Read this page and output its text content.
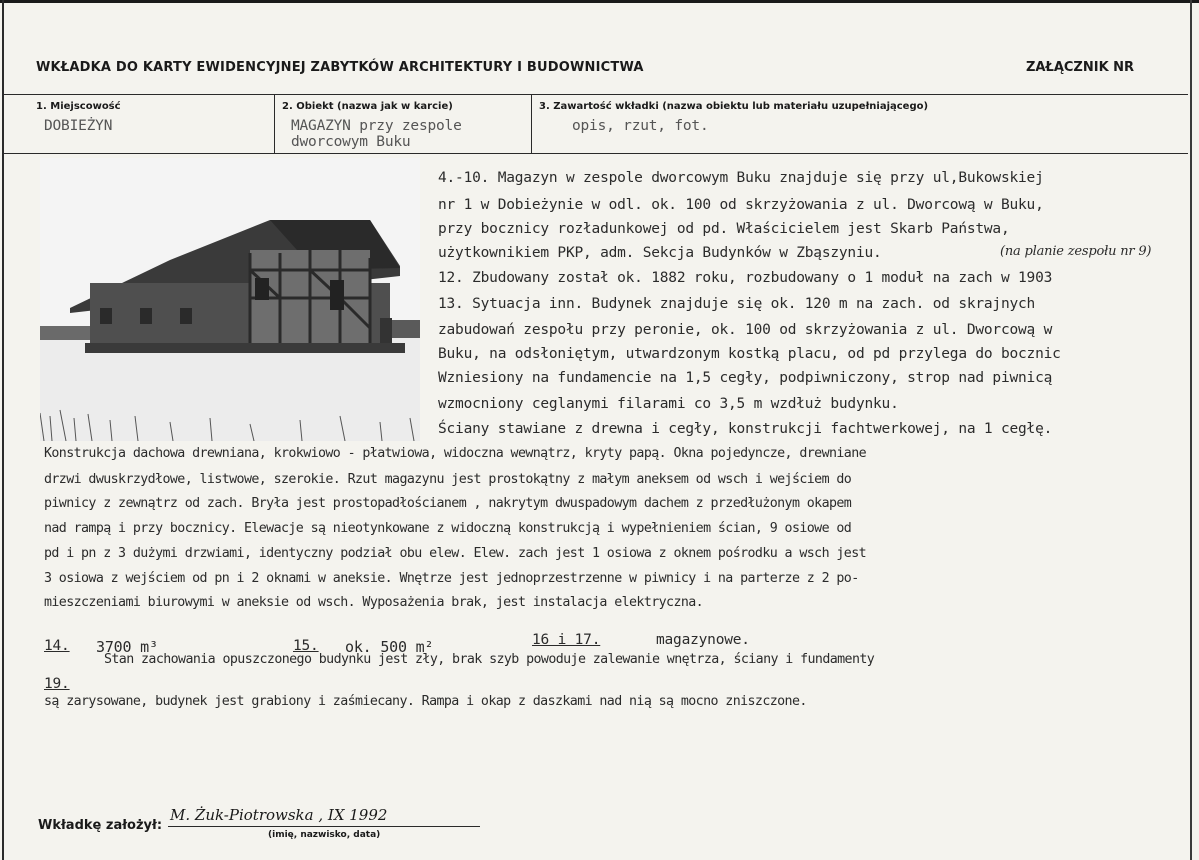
WKŁADKA DO KARTY EWIDENCYJNEJ ZABYTKÓW ARCHITEKTURY I BUDOWNICTWA	ZAŁĄCZNIK NR
1. Miejscowość
DOBIEŻYN
2. Obiekt (nazwa jak w karcie)
MAGAZYN przy zespole
dworcowym Buku
3. Zawartość wkładki (nazwa obiektu lub materiału uzupełniającego)
opis, rzut, fot.
4.-10. Magazyn w zespole dworcowym Buku znajduje się przy ul,Bukowskiej
nr 1 w Dobieżynie w odl. ok. 100 od skrzyżowania z ul. Dworcową w Buku,
przy bocznicy rozładunkowej od pd. Właścicielem jest Skarb Państwa,
użytkownikiem PKP, adm. Sekcja Budynków w Zbąszyniu.	(na planie zespołu nr 9)
12. Zbudowany został ok. 1882 roku, rozbudowany o 1 moduł na zach w 1903
13. Sytuacja inn. Budynek znajduje się ok. 120 m na zach. od skrajnych
zabudowań zespołu przy peronie, ok. 100 od skrzyżowania z ul. Dworcową w
Buku, na odsłoniętym, utwardzonym kostką placu, od pd przylega do bocznic
Wzniesiony na fundamencie na 1,5 cegły, podpiwniczony, strop nad piwnicą
wzmocniony ceglanymi filarami co 3,5 m wzdłuż budynku.
Ściany stawiane z drewna i cegły, konstrukcji fachtwerkowej, na 1 cegłę.
Konstrukcja dachowa drewniana, krokwiowo - płatwiowa, widoczna wewnątrz, kryty papą. Okna pojedyncze, drewniane
drzwi dwuskrzydłowe, listwowe, szerokie. Rzut magazynu jest prostokątny z małym aneksem od wsch i wejściem do
piwnicy z zewnątrz od zach. Bryła jest prostopadłościanem , nakrytym dwuspadowym dachem z przedłużonym okapem
nad rampą i przy bocznicy. Elewacje są nieotynkowane z widoczną konstrukcją i wypełnieniem ścian, 9 osiowe od
pd i pn z 3 dużymi drzwiami, identyczny podział obu elew. Elew. zach jest 1 osiowa z oknem pośrodku a wsch jest
3 osiowa z wejściem od pn i 2 oknami w aneksie. Wnętrze jest jednoprzestrzenne w piwnicy i na parterze z 2 po-
mieszczeniami biurowymi w aneksie od wsch. Wyposażenia brak, jest instalacja elektryczna.
14. 3700 m³	15. ok. 500 m²	16 i 17.	magazynowe.
19.
Stan zachowania opuszczonego budynku jest zły, brak szyb powoduje zalewanie wnętrza, ściany i fundamenty
są zarysowane, budynek jest grabiony i zaśmiecany. Rampa i okap z daszkami nad nią są mocno zniszczone.
Wkładkę założył:
M. Żuk-Piotrowska , IX 1992
(imię, nazwisko, data)
